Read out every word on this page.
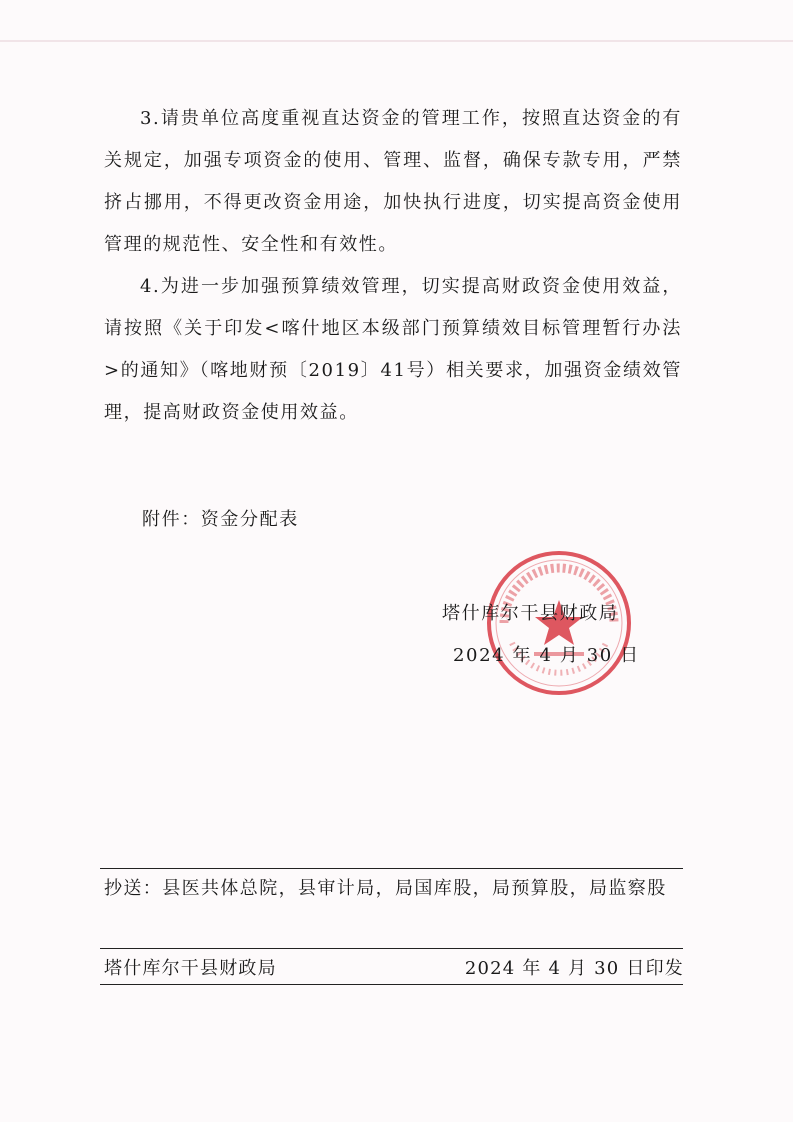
3.请贵单位高度重视直达资金的管理工作，按照直达资金的有关规定，加强专项资金的使用、管理、监督，确保专款专用，严禁挤占挪用，不得更改资金用途，加快执行进度，切实提高资金使用管理的规范性、安全性和有效性。

4.为进一步加强预算绩效管理，切实提高财政资金使用效益，请按照《关于印发<喀什地区本级部门预算绩效目标管理暂行办法>的通知》（喀地财预〔2019〕41号）相关要求，加强资金绩效管理，提高财政资金使用效益。

附件：资金分配表
塔什库尔干县财政局
2024 年 4 月 30 日
抄送：县医共体总院，县审计局，局国库股，局预算股，局监察股
塔什库尔干县财政局	2024 年 4 月 30 日印发
